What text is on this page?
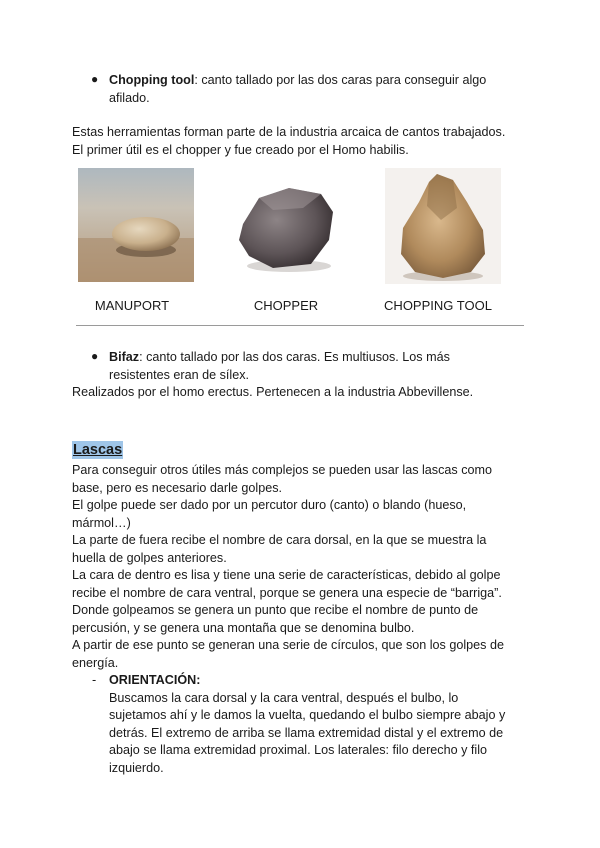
● Chopping tool: canto tallado por las dos caras para conseguir algo
afilado.
Estas herramientas forman parte de la industria arcaica de cantos trabajados.
El primer útil es el chopper y fue creado por el Homo habilis.
MANUPORT	CHOPPER	CHOPPING TOOL
● Bifaz: canto tallado por las dos caras. Es multiusos. Los más
resistentes eran de sílex.
Realizados por el homo erectus. Pertenecen a la industria Abbevillense.
Lascas
Para conseguir otros útiles más complejos se pueden usar las lascas como
base, pero es necesario darle golpes.
El golpe puede ser dado por un percutor duro (canto) o blando (hueso,
mármol…)
La parte de fuera recibe el nombre de cara dorsal, en la que se muestra la
huella de golpes anteriores.
La cara de dentro es lisa y tiene una serie de características, debido al golpe
recibe el nombre de cara ventral, porque se genera una especie de “barriga”.
Donde golpeamos se genera un punto que recibe el nombre de punto de
percusión, y se genera una montaña que se denomina bulbo.
A partir de ese punto se generan una serie de círculos, que son los golpes de
energía.
- ORIENTACIÓN:
Buscamos la cara dorsal y la cara ventral, después el bulbo, lo
sujetamos ahí y le damos la vuelta, quedando el bulbo siempre abajo y
detrás. El extremo de arriba se llama extremidad distal y el extremo de
abajo se llama extremidad proximal. Los laterales: filo derecho y filo
izquierdo.
